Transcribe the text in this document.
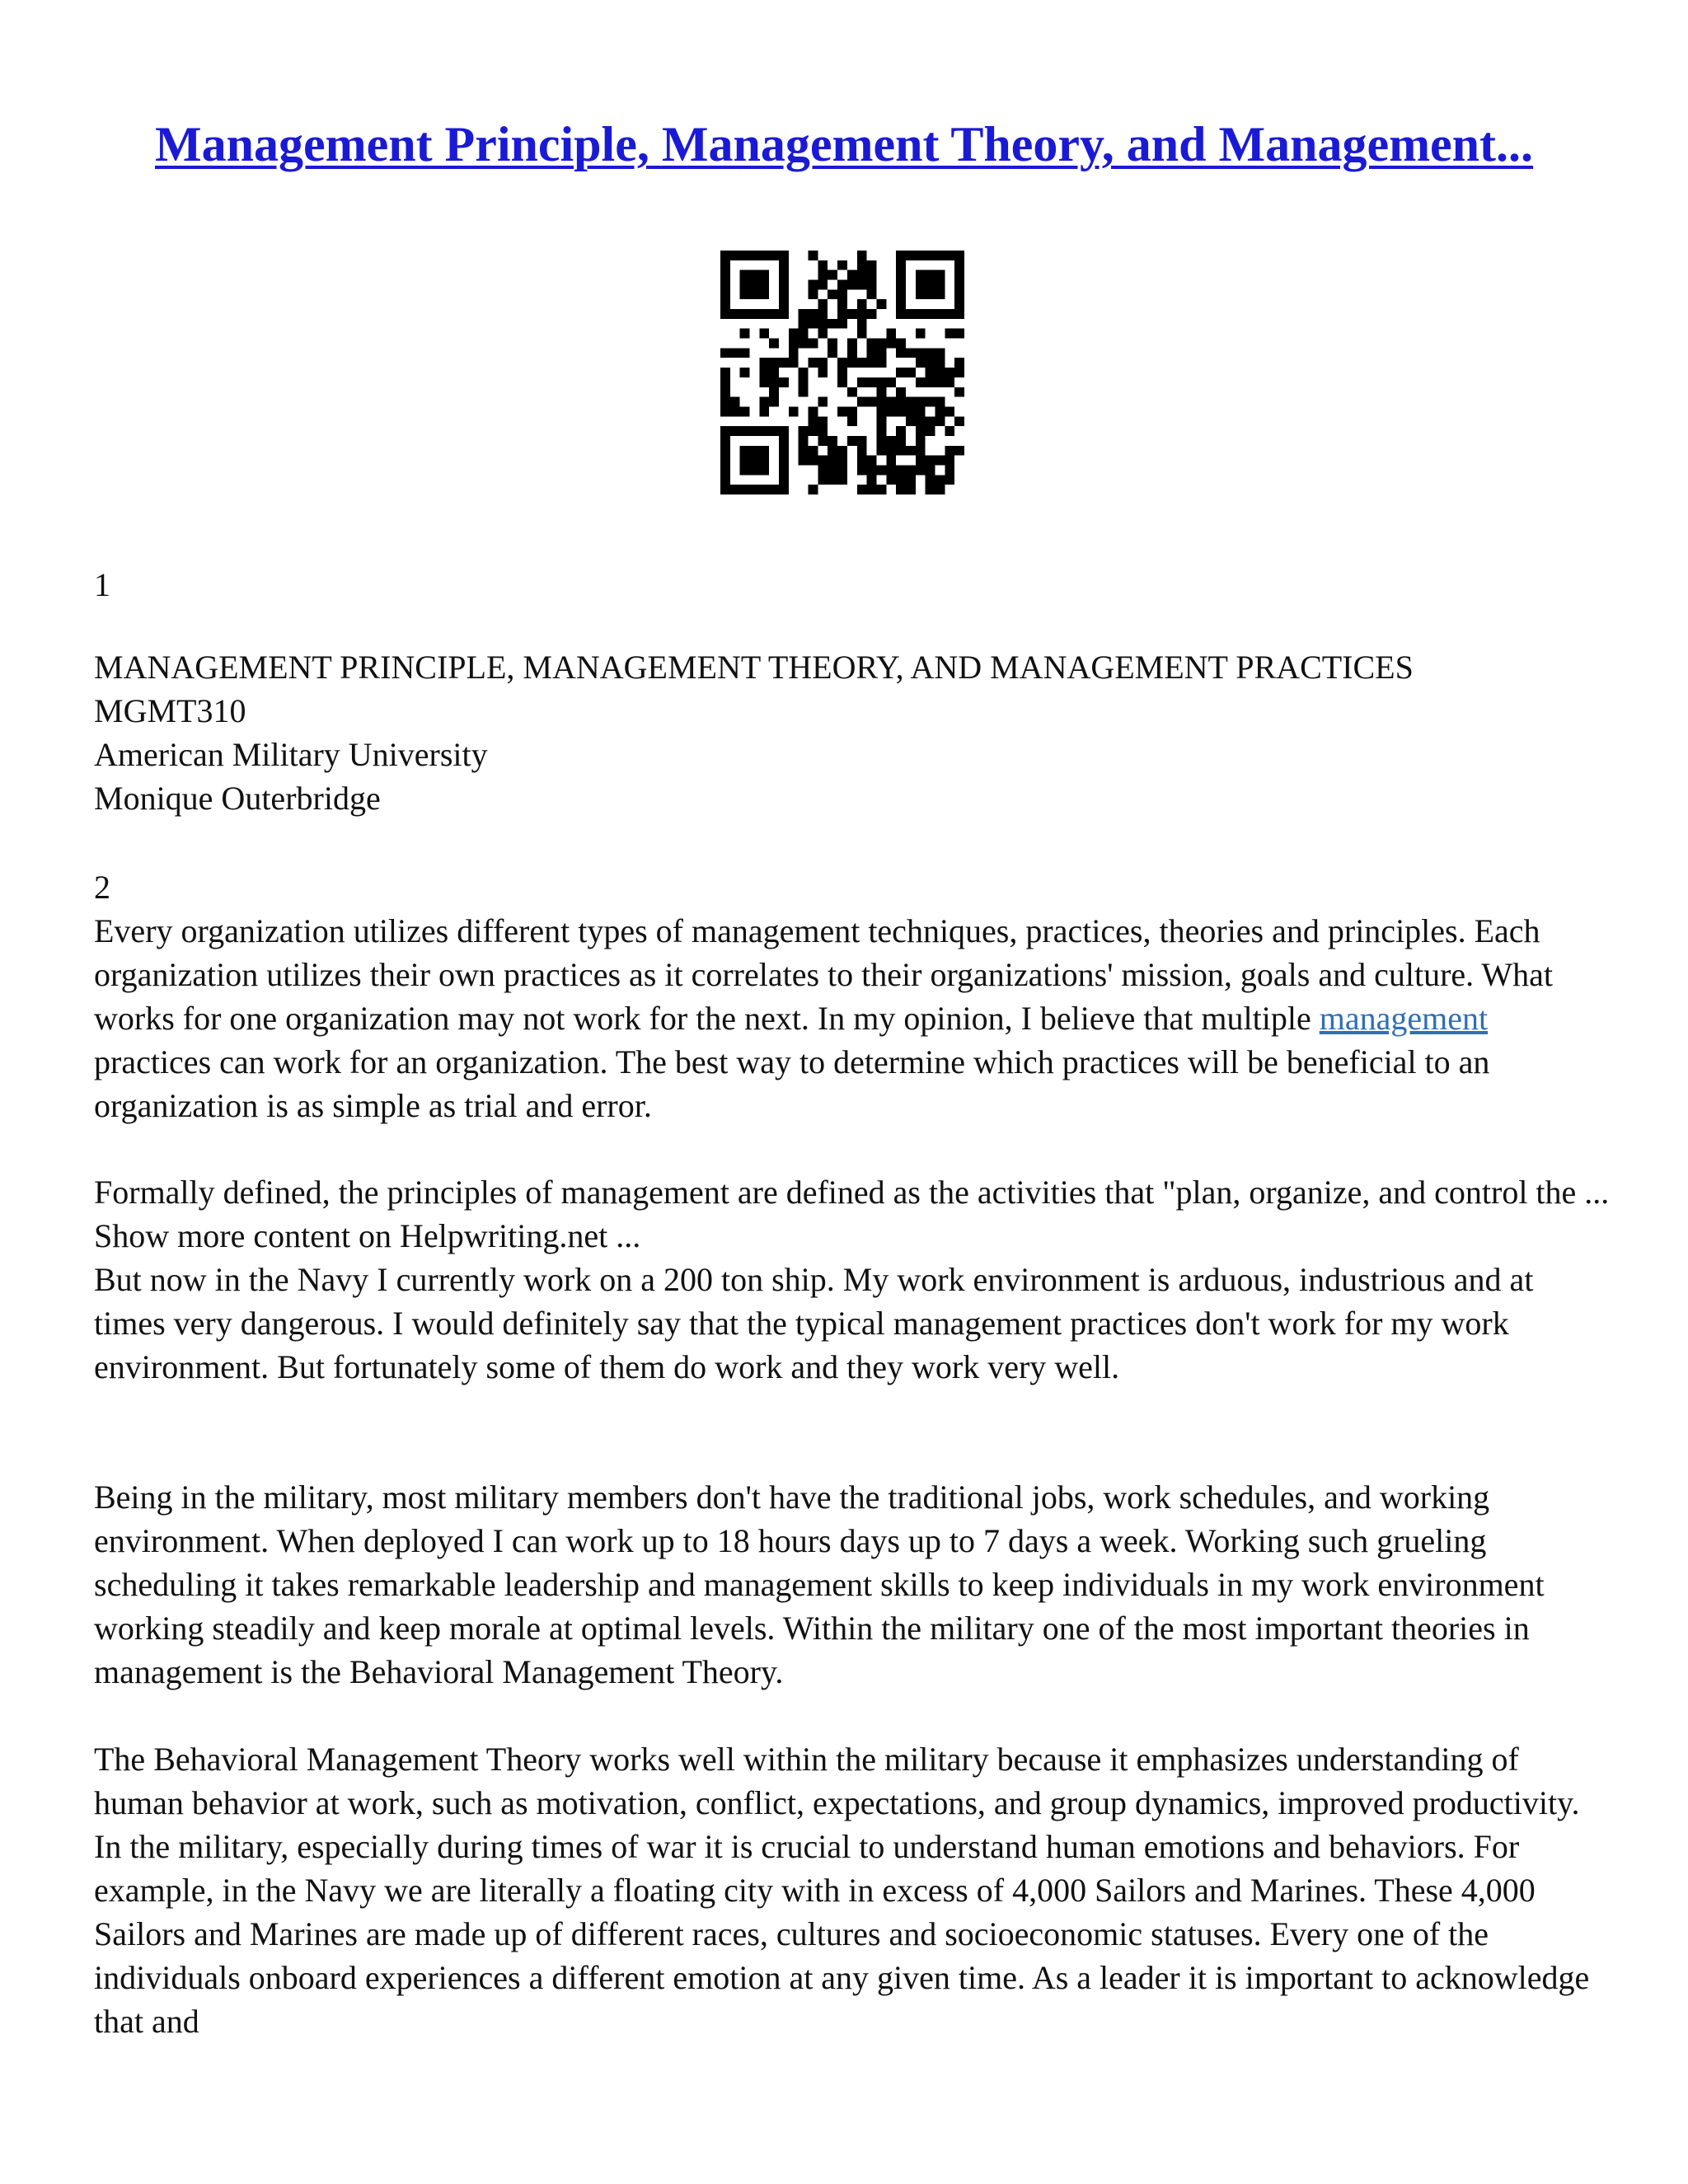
Management Principle, Management Theory, and Management...

1

MANAGEMENT PRINCIPLE, MANAGEMENT THEORY, AND MANAGEMENT PRACTICES
MGMT310
American Military University
Monique Outerbridge

2

Every organization utilizes different types of management techniques, practices, theories and principles. Each organization utilizes their own practices as it correlates to their organizations' mission, goals and culture. What works for one organization may not work for the next. In my opinion, I believe that multiple management practices can work for an organization. The best way to determine which practices will be beneficial to an organization is as simple as trial and error.

Formally defined, the principles of management are defined as the activities that "plan, organize, and control the ... Show more content on Helpwriting.net ...
But now in the Navy I currently work on a 200 ton ship. My work environment is arduous, industrious and at times very dangerous. I would definitely say that the typical management practices don't work for my work environment. But fortunately some of them do work and they work very well.

Being in the military, most military members don't have the traditional jobs, work schedules, and working environment. When deployed I can work up to 18 hours days up to 7 days a week. Working such grueling scheduling it takes remarkable leadership and management skills to keep individuals in my work environment working steadily and keep morale at optimal levels. Within the military one of the most important theories in management is the Behavioral Management Theory.

The Behavioral Management Theory works well within the military because it emphasizes understanding of human behavior at work, such as motivation, conflict, expectations, and group dynamics, improved productivity. In the military, especially during times of war it is crucial to understand human emotions and behaviors. For example, in the Navy we are literally a floating city with in excess of 4,000 Sailors and Marines. These 4,000 Sailors and Marines are made up of different races, cultures and socioeconomic statuses. Every one of the individuals onboard experiences a different emotion at any given time. As a leader it is important to acknowledge that and
